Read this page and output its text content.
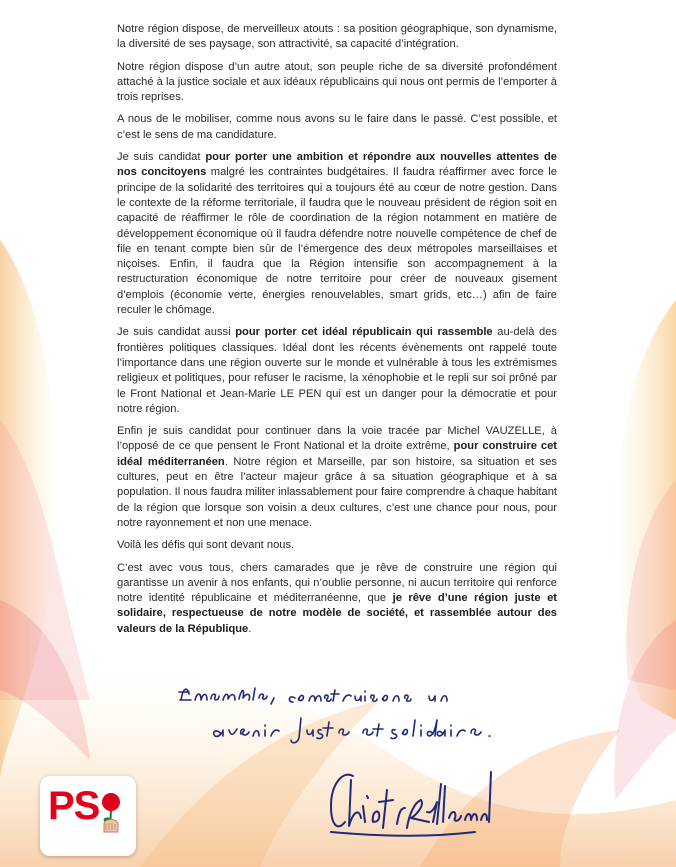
Notre région dispose, de merveilleux atouts : sa position géographique, son dynamisme, la diversité de ses paysage, son attractivité, sa capacité d’intégration.

Notre région dispose d’un autre atout, son peuple riche de sa diversité profondément attaché à la justice sociale et aux idéaux républicains qui nous ont permis de l’emporter à trois reprises.

A nous de le mobiliser, comme nous avons su le faire dans le passé. C’est possible, et c’est le sens de ma candidature.

Je suis candidat pour porter une ambition et répondre aux nouvelles attentes de nos concitoyens malgré les contraintes budgétaires. Il faudra réaffirmer avec force le principe de la solidarité des territoires qui a toujours été au cœur de notre gestion. Dans le contexte de la réforme territoriale, il faudra que le nouveau président de région soit en capacité de réaffirmer le rôle de coordination de la région notamment en matière de développement économique où il faudra défendre notre nouvelle compétence de chef de file en tenant compte bien sûr de l’émergence des deux métropoles marseillaises et niçoises. Enfin, il faudra que la Région intensifie son accompagnement à la restructuration économique de notre territoire pour créer de nouveaux gisement d’emplois (économie verte, énergies renouvelables, smart grids, etc…) afin de faire reculer le chômage.

Je suis candidat aussi pour porter cet idéal républicain qui rassemble au-delà des frontières politiques classiques. Idéal dont les récents évènements ont rappelé toute l’importance dans une région ouverte sur le monde et vulnérable à tous les extrémismes religieux et politiques, pour refuser le racisme, la xénophobie et le repli sur soi prôné par le Front National et Jean-Marie LE PEN qui est un danger pour la démocratie et pour notre région.

Enfin je suis candidat pour continuer dans la voie tracée par Michel VAUZELLE, à l’opposé de ce que pensent le Front National et la droite extrême, pour construire cet idéal méditerranéen. Notre région et Marseille, par son histoire, sa situation et ses cultures, peut en être l’acteur majeur grâce à sa situation géographique et à sa population. Il nous faudra militer inlassablement pour faire comprendre à chaque habitant de la région que lorsque son voisin a deux cultures, c’est une chance pour nous, pour notre rayonnement et non une menace.

Voilà les défis qui sont devant nous.

C’est avec vous tous, chers camarades que je rêve de construire une région qui garantisse un avenir à nos enfants, qui n’oublie personne, ni aucun territoire qui renforce notre identité républicaine et méditerranéenne, que je rêve d’une région juste et solidaire, respectueuse de notre modèle de société, et rassemblée autour des valeurs de la République.

PS
